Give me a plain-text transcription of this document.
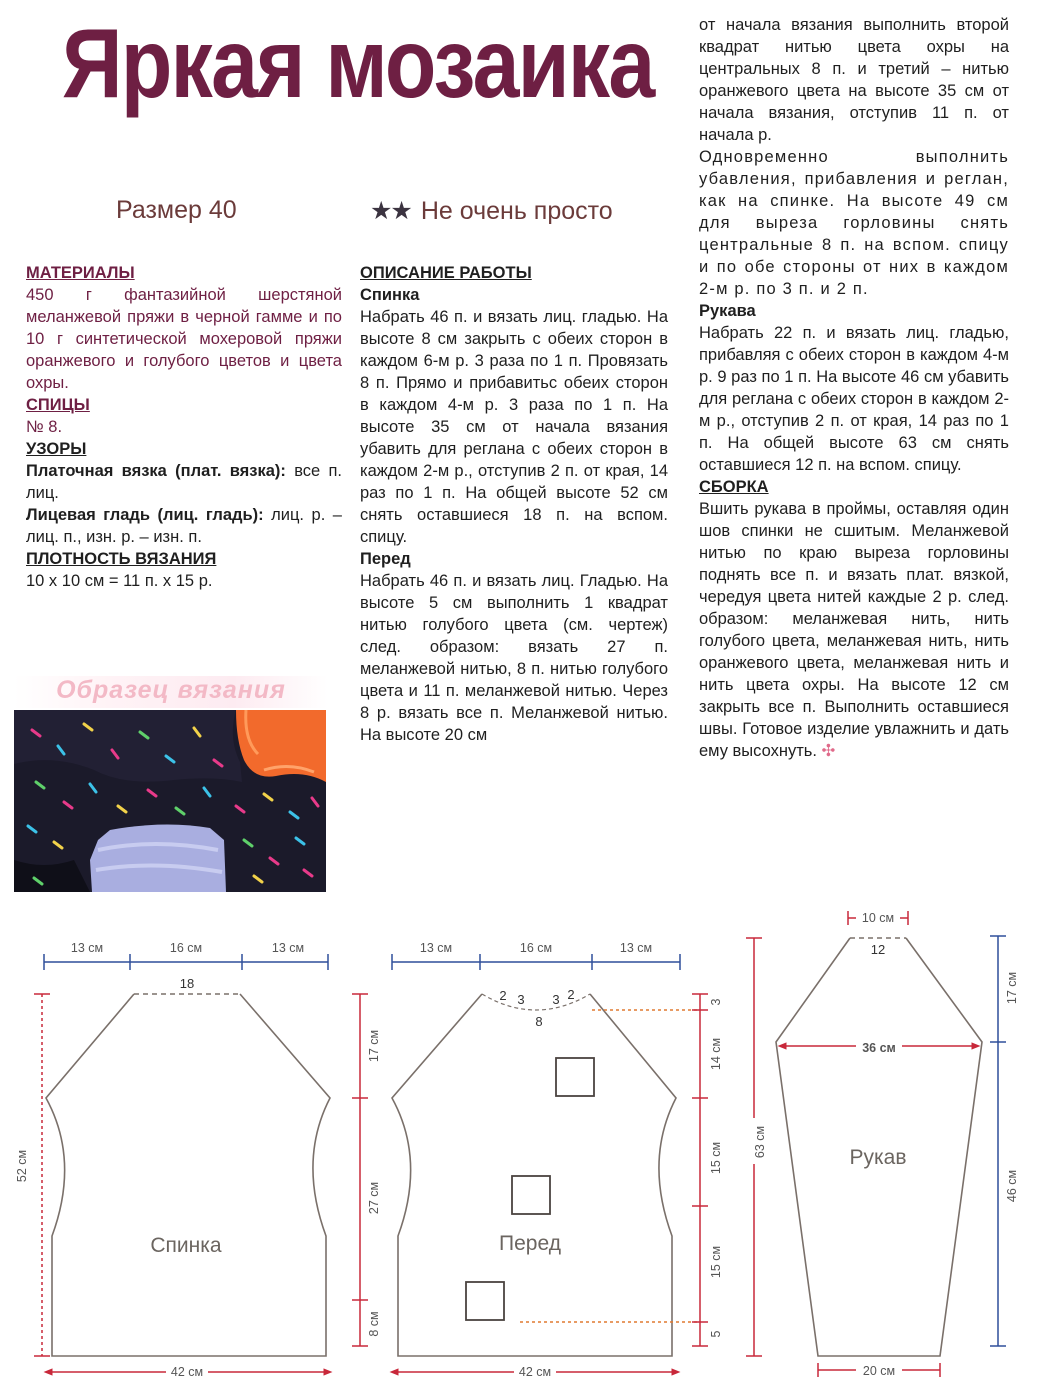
Яркая мозаика
Размер 40	★★ Не очень просто

МАТЕРИАЛЫ

450 г фантазийной шерстяной меланжевой пряжи в черной гамме и по 10 г синтетической мохеровой пряжи оранжевого и голубого цветов и цвета охры.

СПИЦЫ

№ 8.

УЗОРЫ

Платочная вязка (плат. вязка): все п. лиц.

Лицевая гладь (лиц. гладь): лиц. р. – лиц. п., изн. р. – изн. п.

ПЛОТНОСТЬ ВЯЗАНИЯ

10 х 10 см = 11 п. х 15 р.

Образец вязания

ОПИСАНИЕ РАБОТЫ

Спинка

Набрать 46 п. и вязать лиц. гладью. На высоте 8 см закрыть с обеих сторон в каждом 6-м р. 3 раза по 1 п. Провязать 8 п. Прямо и прибавитьс обеих сторон в каждом 4-м р. 3 раза по 1 п. На высоте 35 см от начала вязания убавить для реглана с обеих сторон в каждом 2-м р., отступив 2 п. от края, 14 раз по 1 п. На общей высоте 52 см снять оставшиеся 18 п. на вспом. спицу.

Перед

Набрать 46 п. и вязать лиц. Гладью. На высоте 5 см выполнить 1 квадрат нитью голубого цвета (см. чертеж) след. образом: вязать 27 п. меланжевой нитью, 8 п. нитью голубого цвета и 11 п. меланжевой нитью. Через 8 р. вязать все п. Меланжевой нитью. На высоте 20 см

от начала вязания выполнить второй квадрат нитью цвета охры на центральных 8 п. и третий – нитью оранжевого цвета на высоте 35 см от начала вязания, отступив 11 п. от начала р.

Одновременно выполнить убавления, прибавления и реглан, как на спинке. На высоте 49 см для выреза горловины снять центральные 8 п. на вспом. спицу и по обе стороны от них в каждом 2-м р. по 3 п. и 2 п.

Рукава

Набрать 22 п. и вязать лиц. гладью, прибавляя с обеих сторон в каждом 4-м р. 9 раз по 1 п. На высоте 46 см убавить для реглана с обеих сторон в каждом 2-м р., отступив 2 п. от края, 14 раз по 1 п. На общей высоте 63 см снять оставшиеся 12 п. на вспом. спицу.

СБОРКА

Вшить рукава в проймы, оставляя один шов спинки не сшитым. Меланжевой нитью по краю выреза горловины поднять все п. и вязать плат. вязкой, чередуя цвета нитей каждые 2 р. след. образом: меланжевая нить, нить голубого цвета, меланжевая нить, нить оранжевого цвета, меланжевая нить и нить цвета охры. На высоте 12 см закрыть все п. Выполнить оставшиеся швы. Готовое изделие увлажнить и дать ему высохнуть. ✣

13 см	16 см	13 см
18
Спинка
52 см
17 см
27 см
8 см
42 см
13 см	16 см	13 см
2 3 3 2
8
Перед
3
14 см
15 см
15 см
5
42 см
10 см
12
36 см
Рукав
63 см
17 см
46 см
20 см
